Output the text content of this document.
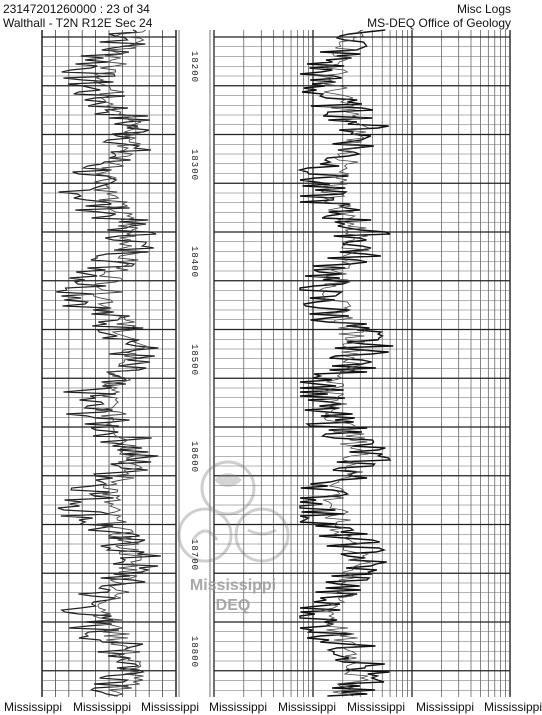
23147201260000 : 23 of 34
Walthall - T2N R12E Sec 24
Misc Logs
MS-DEQ Office of Geology
18200
18300
18400
18500
18600
18700
18800
Mississippi
DEQ
Mississippi Mississippi Mississippi Mississippi Mississippi Mississippi Mississippi Mississippi
